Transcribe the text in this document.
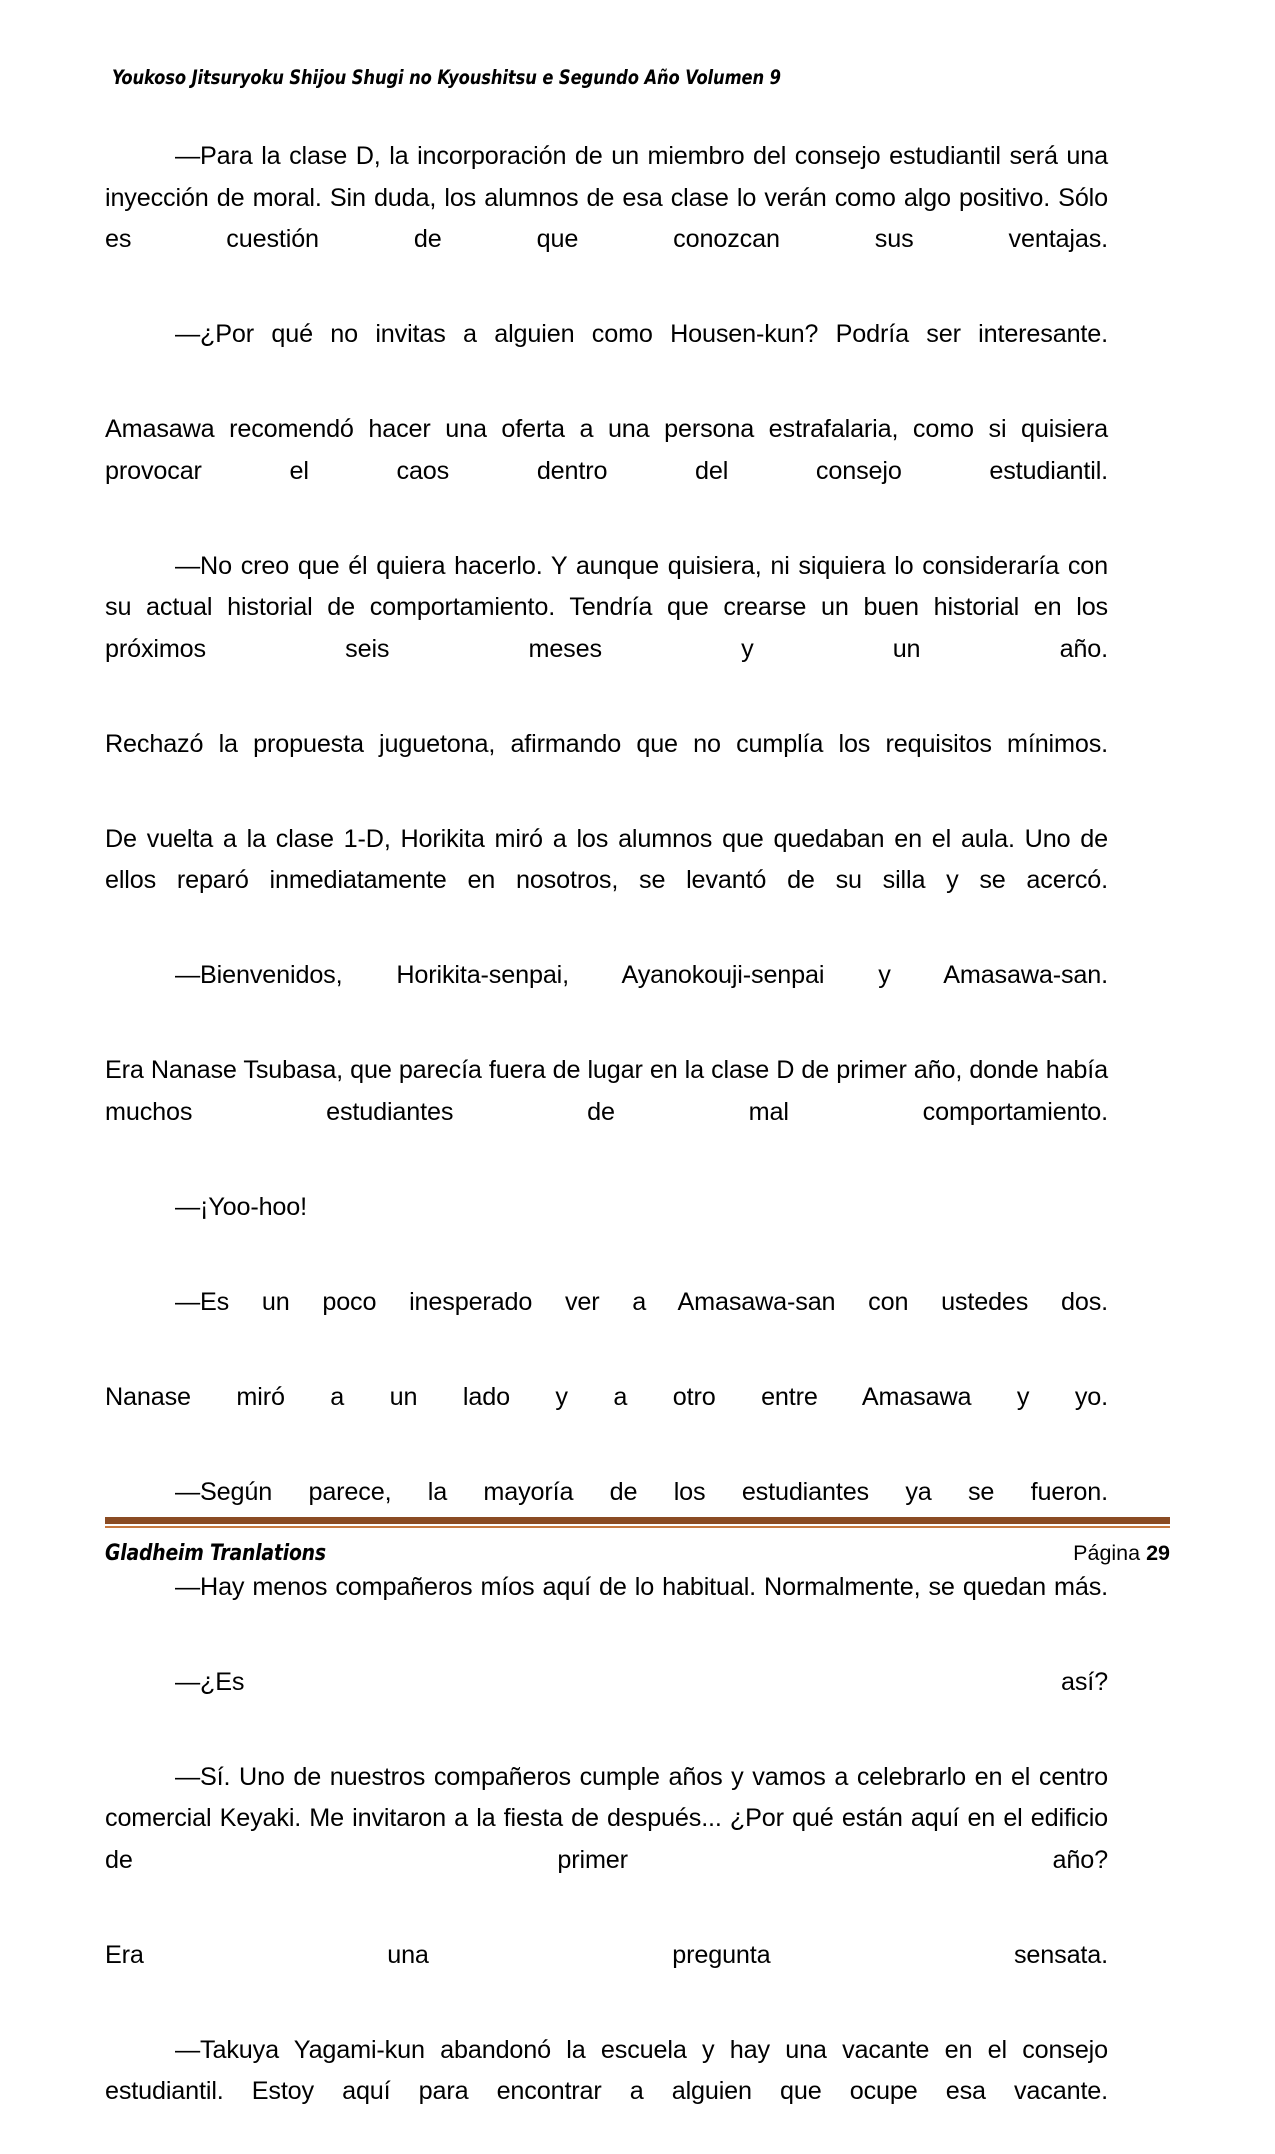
Youkoso Jitsuryoku Shijou Shugi no Kyoushitsu e Segundo Año Volumen 9

—Para la clase D, la incorporación de un miembro del consejo estudiantil será una inyección de moral. Sin duda, los alumnos de esa clase lo verán como algo positivo. Sólo es cuestión de que conozcan sus ventajas.

—¿Por qué no invitas a alguien como Housen-kun? Podría ser interesante.

Amasawa recomendó hacer una oferta a una persona estrafalaria, como si quisiera provocar el caos dentro del consejo estudiantil.

—No creo que él quiera hacerlo. Y aunque quisiera, ni siquiera lo consideraría con su actual historial de comportamiento. Tendría que crearse un buen historial en los próximos seis meses y un año.

Rechazó la propuesta juguetona, afirmando que no cumplía los requisitos mínimos.

De vuelta a la clase 1-D, Horikita miró a los alumnos que quedaban en el aula. Uno de ellos reparó inmediatamente en nosotros, se levantó de su silla y se acercó.

—Bienvenidos, Horikita-senpai, Ayanokouji-senpai y Amasawa-san.

Era Nanase Tsubasa, que parecía fuera de lugar en la clase D de primer año, donde había muchos estudiantes de mal comportamiento.

—¡Yoo-hoo!

—Es un poco inesperado ver a Amasawa-san con ustedes dos.

Nanase miró a un lado y a otro entre Amasawa y yo.

—Según parece, la mayoría de los estudiantes ya se fueron.

—Hay menos compañeros míos aquí de lo habitual. Normalmente, se quedan más.

—¿Es así?

—Sí. Uno de nuestros compañeros cumple años y vamos a celebrarlo en el centro comercial Keyaki. Me invitaron a la fiesta de después... ¿Por qué están aquí en el edificio de primer año?

Era una pregunta sensata.

—Takuya Yagami-kun abandonó la escuela y hay una vacante en el consejo estudiantil. Estoy aquí para encontrar a alguien que ocupe esa vacante.

Gladheim Tranlations	Página 29
